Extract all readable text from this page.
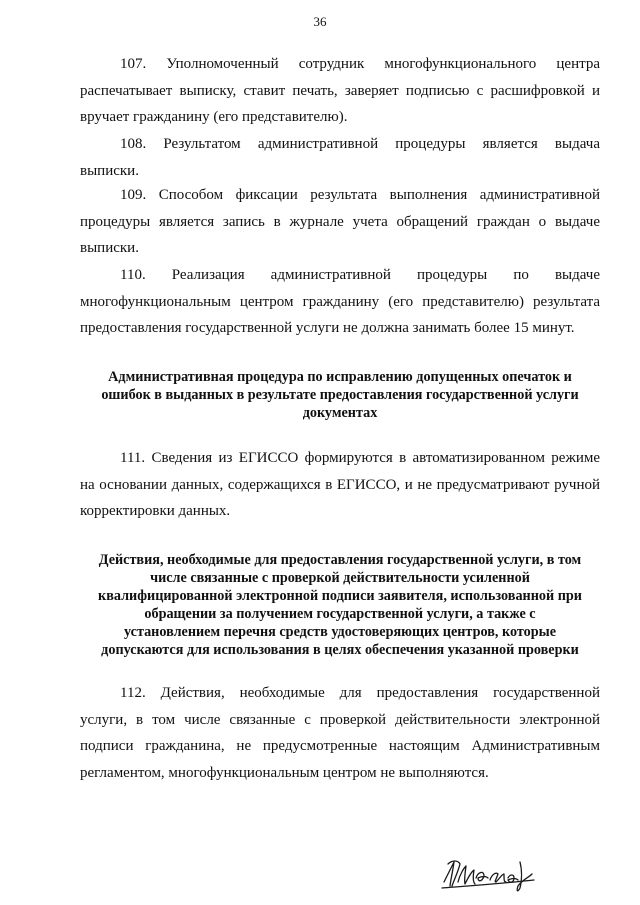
36
107. Уполномоченный сотрудник многофункционального центра
распечатывает выписку, ставит печать, заверяет подписью с расшифровкой и
вручает гражданину (его представителю).
108. Результатом административной процедуры является выдача
выписки.
109. Способом фиксации результата выполнения административной
процедуры является запись в журнале учета обращений граждан о выдаче
выписки.
110. Реализация административной процедуры по выдаче
многофункциональным центром гражданину (его представителю) результата
предоставления государственной услуги не должна занимать более 15 минут.
Административная процедура по исправлению допущенных опечаток и
ошибок в выданных в результате предоставления государственной услуги
документах
111. Сведения из ЕГИССО формируются в автоматизированном режиме
на основании данных, содержащихся в ЕГИССО, и не предусматривают ручной
корректировки данных.
Действия, необходимые для предоставления государственной услуги, в том
числе связанные с проверкой действительности усиленной
квалифицированной электронной подписи заявителя, использованной при
обращении за получением государственной услуги, а также с
установлением перечня средств удостоверяющих центров, которые
допускаются для использования в целях обеспечения указанной проверки
112. Действия, необходимые для предоставления государственной
услуги, в том числе связанные с проверкой действительности электронной
подписи гражданина, не предусмотренные настоящим Административным
регламентом, многофункциональным центром не выполняются.
